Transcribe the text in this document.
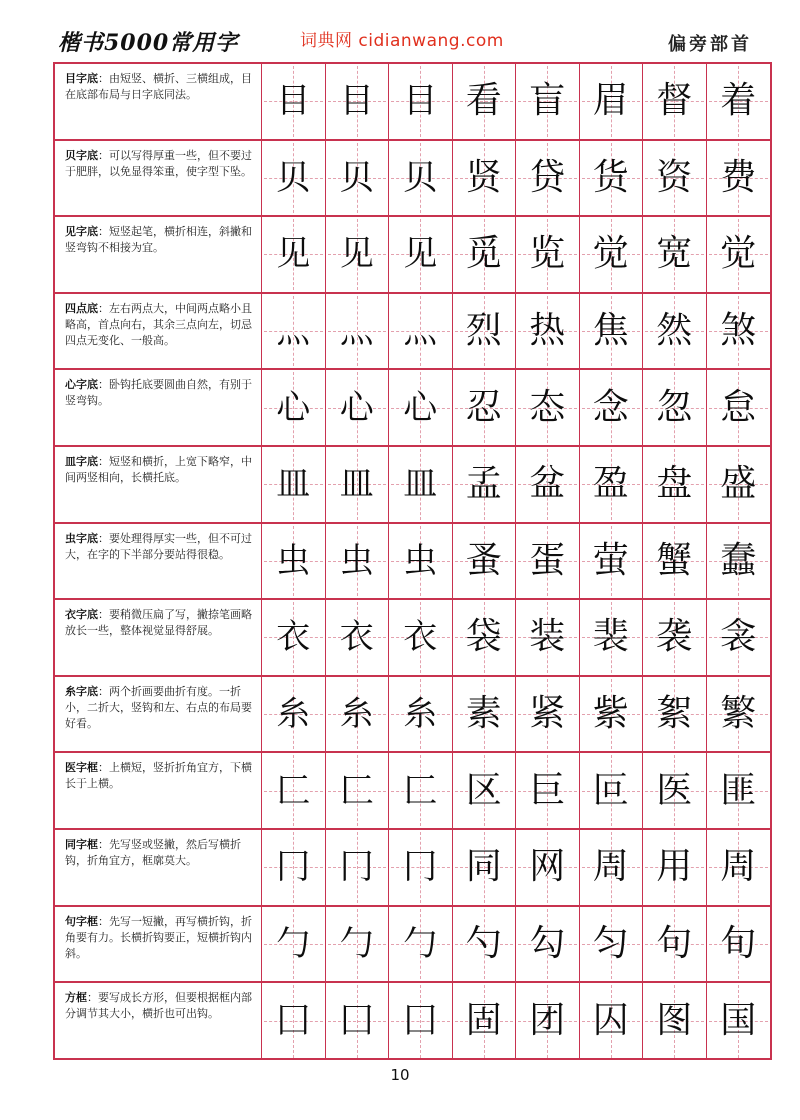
楷书5000常用字	词典网 cidianwang.com	偏旁部首
目字底：由短竖、横折、三横组成，目在底部布局与日字底同法。	目 目 目 看 盲 眉 督 着
贝字底：可以写得厚重一些，但不要过于肥胖，以免显得笨重，使字型下坠。 贝 贝 贝 贤 贷 货 资 费
见字底：短竖起笔，横折相连，斜撇和竖弯钩不相接为宜。	见 见 见 觅 览 觉 宽 觉
四点底：左右两点大，中间两点略小且略高，首点向右，其余三点向左，切忌四点无变化、一般高。	灬 灬 灬 烈 热 焦 然 煞
心字底：卧钩托底要圆曲自然，有别于竖弯钩。	心 心 心 忍 态 念 忽 怠
皿字底：短竖和横折，上宽下略窄，中间两竖相向，长横托底。	皿 皿 皿 孟 盆 盈 盘 盛
虫字底：要处理得厚实一些，但不可过大，在字的下半部分要站得很稳。	虫 虫 虫 蚤 蛋 萤 蟹 蠢
衣字底：要稍微压扁了写，撇捺笔画略放长一些，整体视觉显得舒展。	衣 衣 衣 袋 装 裴 袭 衾
糸字底：两个折画要曲折有度。一折小，二折大，竖钩和左、右点的布局要好看。	糸 糸 糸 素 紧 紫 絮 繁
医字框：上横短，竖折折角宜方，下横长于上横。	匚 匚 匚 区 巨 叵 医 匪
同字框：先写竖或竖撇，然后写横折钩，折角宜方，框廓莫大。	冂 冂 冂 同 网 周 用 周
句字框：先写一短撇，再写横折钩，折角要有力。长横折钩要正，短横折钩内斜。	勹 勹 勹 勺 勾 匀 句 旬
方框：要写成长方形，但要根据框内部分调节其大小，横折也可出钩。	囗 囗 囗 固 团 囚 图 国
10
